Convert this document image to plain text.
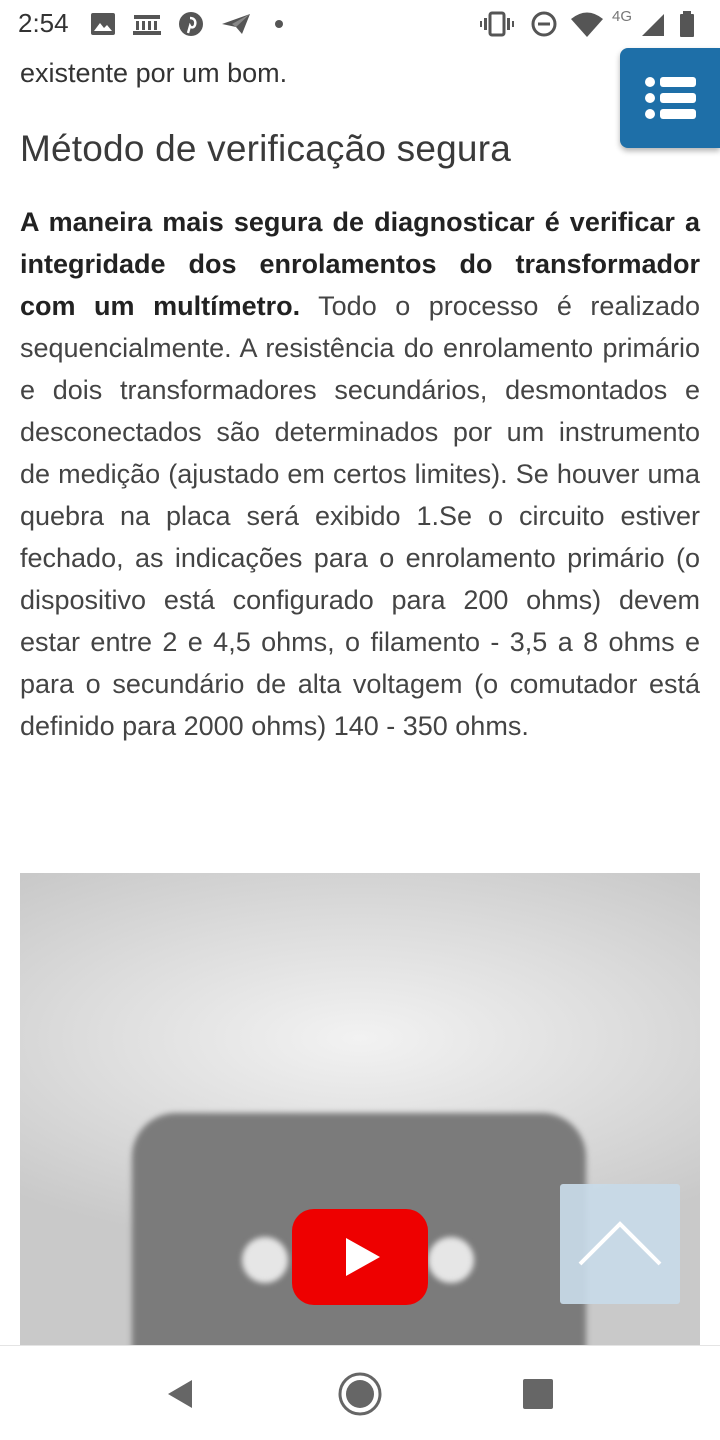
2:54	4G
existente por um bom.
Método de verificação segura

A maneira mais segura de diagnosticar é verificar a integridade dos enrolamentos do transformador com um multímetro. Todo o processo é realizado sequencialmente. A resistência do enrolamento primário e dois transformadores secundários, desmontados e desconectados são determinados por um instrumento de medição (ajustado em certos limites). Se houver uma quebra na placa será exibido 1.Se o circuito estiver fechado, as indicações para o enrolamento primário (o dispositivo está configurado para 200 ohms) devem estar entre 2 e 4,5 ohms, o filamento - 3,5 a 8 ohms e para o secundário de alta voltagem (o comutador está definido para 2000 ohms) 140 - 350 ohms.
